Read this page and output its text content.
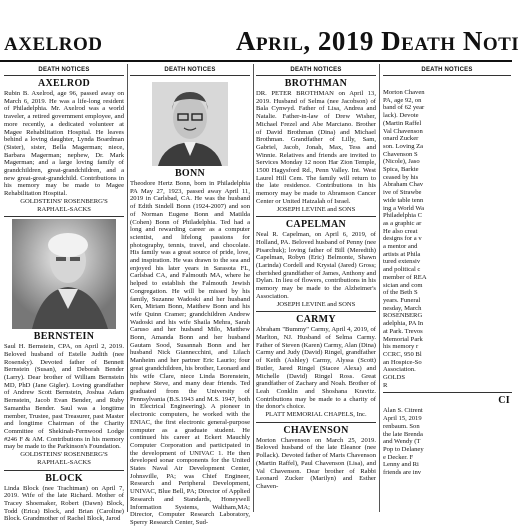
AXELROD	April, 2019 Death Noti
DEATH NOTICES
AXELROD

Rubin B. Axelrod, age 96, passed away on March 6, 2019. He was a life-long resident of Philadelphia. Mr. Axelrod was a world traveler, a retired government employee, and more recently, a dedicated volunteer at Magee Rehabilitation Hospital. He leaves behind a loving daughter, Lynda Boardman (Sister), sister, Bella Magerman; niece, Barbara Magerman; nephew, Dr. Mark Magerman; and a large loving family of grandchildren, great-grandchildren, and a new great-great-grandchild. Contributions in his memory may be made to Magee Rehabilitation Hospital.

GOLDSTEINS' ROSENBERG'S RAPHAEL-SACKS

BERNSTEIN

Saul H. Bernstein, CPA, on April 2, 2019. Beloved husband of Estelle Judith (nee Rosensky). Devoted father of Bennett Bernstein (Susan), and Deborah Bender (Larry). Dear brother of William Bernstein MD, PhD (Jane Gigler). Loving grandfather of Andrew Scott Bernstein, Joshua Adam Bernstein, Jacob Evan Bender, and Ruby Samantha Bender. Saul was a longtime member, Trustee, past Treasurer, past Master and longtime Chairman of the Charity Committee of Shekinah-Fernwood Lodge #246 F & AM. Contributions in his memory may be made to the Parkinson's Foundation.

GOLDSTEINS' ROSENBERG'S RAPHAEL-SACKS

BLOCK

Linda Block (nee Trachtman) on April 7, 2019. Wife of the late Richard. Mother of Tracey Shoemaker, Robert (Dawn) Block, Todd (Erica) Block, and Brian (Caroline) Block. Grandmother of Rachel Block, Jarod

DEATH NOTICES
BONN

Theodore Hertz Bonn, born in Philadelphia PA May 27, 1923, passed away April 11, 2019 in Carlsbad, CA. He was the husband of Edith Sindell Bonn (1924-2007) and son of Norman Eugene Bonn and Matilda (Cohen) Bonn of Philadelphia. Ted had a long and rewarding career as a computer scientist, and lifelong passions for photography, tennis, travel, and chocolate. His family was a great source of pride, love, and inspiration. He was drawn to the sea and enjoyed his later years in Sarasota FL, Carlsbad CA, and Falmouth MA, where he helped to establish the Falmouth Jewish Congregation. He will be missed by his family, Suzanne Wadoski and her husband Ken, Miriam Bonn, Matthew Bonn and his wife Quinn Cramer; grandchildren Andrew Wadoski and his wife Shaila Mehra, Sarah Caruso and her husband Milo, Matthew Bonn, Amanda Bonn and her husband Gautam Sood, Susannah Bonn and her husband Nick Giannecchini, and Lilach Manheim and her partner Eric Laurio; four great grandchildren, his brother, Leonard and his wife Clare, niece Linda Borenstein, nephew Steve, and many dear friends. Ted graduated from the University of Pennsylvania (B.S.1943 and M.S. 1947, both in Electrical Engineering). A pioneer in electronic computers, he worked with the ENIAC, the first electronic general-purpose computer as a graduate student. He continued his career at Eckert Mauchly Computer Corporation and participated in the development of UNIVAC 1. He then developed sonar components for the United States Naval Air Development Center, Johnsville, PA; was Chief Engineer, Research and Peripheral Development, UNIVAC, Blue Bell, PA; Director of Applied Research and Standards, Honeywell Information Systems, Waltham,MA; Director, Computer Research Laboratory, Sperry Research Center, Sud-

DEATH NOTICES
BROTHMAN

DR. PETER BROTHMAN on April 13, 2019. Husband of Selma (nee Jacobson) of Bala Cynwyd. Father of Lisa, Andrea and Natalie. Father-in-law of Drew Wisher, Michael Frezel and Abe Marciano. Brother of David Brothman (Dina) and Michael Brothman. Grandfather of Lilly, Sam, Gabriel, Jacob, Jonah, Max, Tess and Winnie. Relatives and friends are invited to Services Monday 12 noon Har Zion Temple, 1500 Hagysford Rd., Penn Valley. Int. West Laurel Hill Cem. The family will return to the late residence. Contributions in his memory may be made to Abramson Cancer Center or United Hatzalah of Israel.

JOSEPH LEVINE and SONS

CAPELMAN

Neal R. Capelman, on April 6, 2019, of Holland, PA. Beloved husband of Penny (nee Pisarchuk); loving father of Bill (Meredith) Capelman, Robyn (Eric) Belmonte, Shawn (Larinda) Cordell and Krystal (Jared) Gross; cherished grandfather of James, Anthony and Dylan. In lieu of flowers, contributions in his memory may be made to the Alzheimer's Association.

JOSEPH LEVINE and SONS

CARMY

Abraham "Bummy" Carmy, April 4, 2019, of Marlton, NJ. Husband of Selma Carmy. Father of Steven (Karen) Carmy, Alan (Dina) Carmy and Judy (David) Ringel, grandfather of Keith (Ashley) Carmy, Alyssa (Scott) Butler, Jared Ringel (Stacee Alexa) and Michelle (David) Ringel Ross. Great grandfather of Zachary and Noah. Brother of Leah Conklin and Shoshana Kravitz. Contributions may be made to a charity of the donor's choice.

PLATT MEMORIAL CHAPELS, Inc.

CHAVENSON

Morton Chavenson on March 25, 2019. Beloved husband of the late Eleanor (nee Pollack). Devoted father of Maris Chavenson (Martin Raffel), Paul Chavenson (Lisa), and Val Chavenson. Dear brother of Rabbi Leonard Zucker (Marilyn) and Esther Chaven-

DEATH NOTICES
Morton Chaven
PA, age 92, on
band of 62 year
lack). Devote
(Martin Raffel
Val Chavenson
onard Zucker
son. Loving Za
Chavenson S
(Nicole), Jaso
Spica, Barkte
ceased by his
Abraham Chav
ive of Strawbe
wide table tenn
ing a World Wa
Philadelphia C
as a graphic ar
He also creat
designs for a v
a mentor and
artists at Phila
tured extensiv
and political c
member of REA
sician and com
of the Beth S
years. Funeral
nesday, March
ROSENBERG
adelphia, PA In
at Park. Trevos
Memorial Park
his memory r
CCRC, 950 Bl
an Hospice-So
Association.
GOLDS
R
CI
Alan S. Citrent
April 15, 2019
renbaum. Son
the late Brenda
and Wendy (T
Pop to Delaney
e Decker. F
Lenny and Ri
friends are inv
